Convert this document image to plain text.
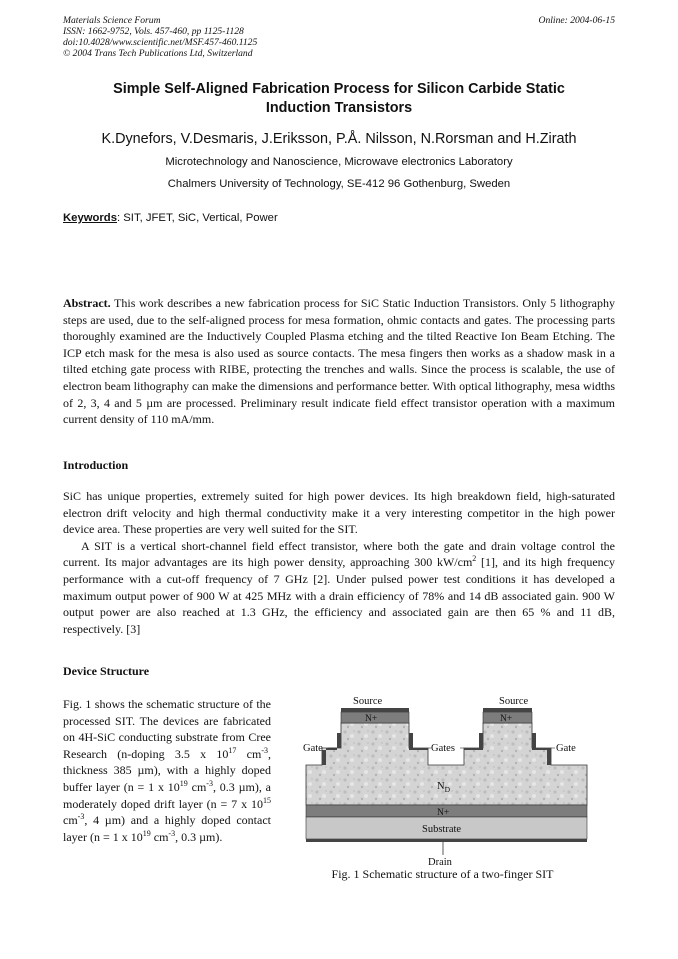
Materials Science Forum
ISSN: 1662-9752, Vols. 457-460, pp 1125-1128
doi:10.4028/www.scientific.net/MSF.457-460.1125
© 2004 Trans Tech Publications Ltd, Switzerland
Online: 2004-06-15
Simple Self-Aligned Fabrication Process for Silicon Carbide Static
Induction Transistors
K.Dynefors, V.Desmaris, J.Eriksson, P.Å. Nilsson, N.Rorsman and H.Zirath
Microtechnology and Nanoscience, Microwave electronics Laboratory
Chalmers University of Technology, SE-412 96 Gothenburg, Sweden
Keywords: SIT, JFET, SiC, Vertical, Power
Abstract. This work describes a new fabrication process for SiC Static Induction Transistors. Only 5 lithography steps are used, due to the self-aligned process for mesa formation, ohmic contacts and gates. The processing parts thoroughly examined are the Inductively Coupled Plasma etching and the tilted Reactive Ion Beam Etching. The ICP etch mask for the mesa is also used as source contacts. The mesa fingers then works as a shadow mask in a tilted etching gate process with RIBE, protecting the trenches and walls. Since the process is scalable, the use of electron beam lithography can make the dimensions and performance better. With optical lithography, mesa widths of 2, 3, 4 and 5 µm are processed. Preliminary result indicate field effect transistor operation with a maximum current density of 110 mA/mm.
Introduction
SiC has unique properties, extremely suited for high power devices. Its high breakdown field, high-saturated electron drift velocity and high thermal conductivity make it a very interesting competitor in the high power device area. These properties are very well suited for the SIT.
A SIT is a vertical short-channel field effect transistor, where both the gate and drain voltage control the current. Its major advantages are its high power density, approaching 300 $kW/cm^2$ [1], and its high frequency performance with a cut-off frequency of 7 GHz [2]. Under pulsed power test conditions it has developed a maximum output power of 900 W at 425 MHz with a drain efficiency of 78% and 14 dB associated gain. 900 W output power are also reached at 1.3 GHz, the efficiency and associated gain are then 65 % and 11 dB, respectively. [3]
Device Structure
Fig. 1 shows the schematic structure of the processed SIT. The devices are fabricated on 4H-SiC conducting substrate from Cree Research (n-doping 3.5 x $10^{17}$ $cm^{-3}$, thickness 385 µm), with a highly doped buffer layer (n = 1 x $10^{19}$ $cm^{-3}$, 0.3 µm), a moderately doped drift layer (n = 7 x $10^{15}$ $cm^{-3}$, 4 µm) and a highly doped contact layer (n = 1 x $10^{19}$ $cm^{-3}$, 0.3 µm).
Source	Source
N+	N+
Gate	Gates	Gate
$N_D$
N+
Substrate
Drain
Fig. 1 Schematic structure of a two-finger SIT
